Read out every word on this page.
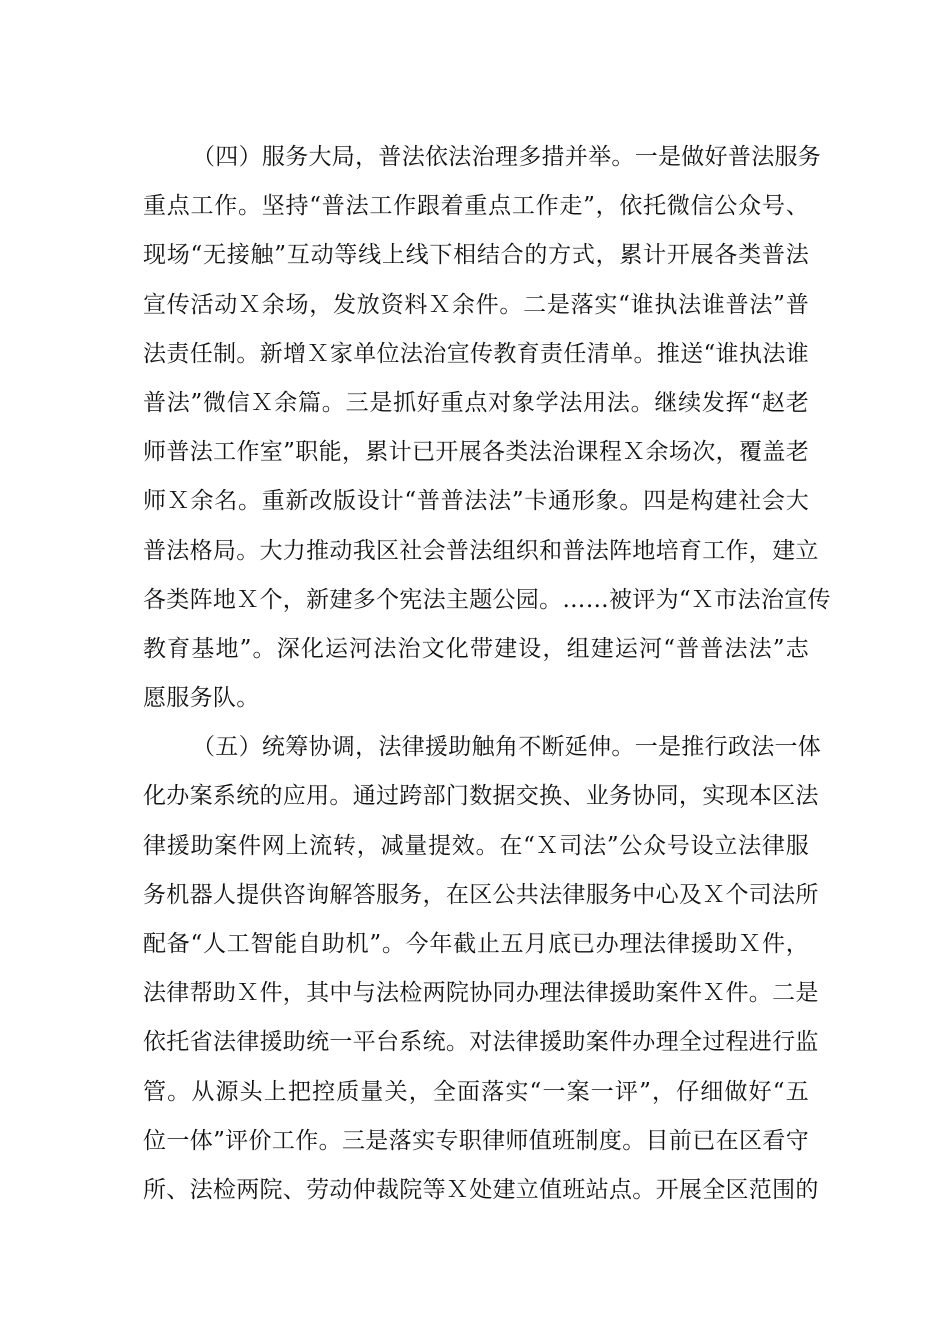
（四）服务大局，普法依法治理多措并举。一是做好普法服务
重点工作。坚持“普法工作跟着重点工作走”，依托微信公众号、
现场“无接触”互动等线上线下相结合的方式，累计开展各类普法
宣传活动Ｘ余场，发放资料Ｘ余件。二是落实“谁执法谁普法”普
法责任制。新增Ｘ家单位法治宣传教育责任清单。推送“谁执法谁
普法”微信Ｘ余篇。三是抓好重点对象学法用法。继续发挥“赵老
师普法工作室”职能，累计已开展各类法治课程Ｘ余场次，覆盖老
师Ｘ余名。重新改版设计“普普法法”卡通形象。四是构建社会大
普法格局。大力推动我区社会普法组织和普法阵地培育工作，建立
各类阵地Ｘ个，新建多个宪法主题公园。……被评为“Ｘ市法治宣传
教育基地”。深化运河法治文化带建设，组建运河“普普法法”志
愿服务队。
（五）统筹协调，法律援助触角不断延伸。一是推行政法一体
化办案系统的应用。通过跨部门数据交换、业务协同，实现本区法
律援助案件网上流转，减量提效。在“Ｘ司法”公众号设立法律服
务机器人提供咨询解答服务，在区公共法律服务中心及Ｘ个司法所
配备“人工智能自助机”。今年截止五月底已办理法律援助Ｘ件，
法律帮助Ｘ件，其中与法检两院协同办理法律援助案件Ｘ件。二是
依托省法律援助统一平台系统。对法律援助案件办理全过程进行监
管。从源头上把控质量关，全面落实“一案一评”，仔细做好“五
位一体”评价工作。三是落实专职律师值班制度。目前已在区看守
所、法检两院、劳动仲裁院等Ｘ处建立值班站点。开展全区范围的
